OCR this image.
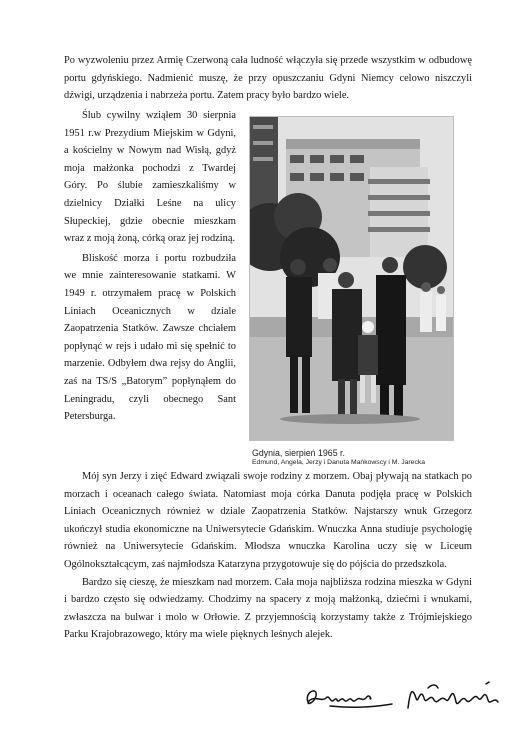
Po wyzwoleniu przez Armię Czerwoną cała ludność włączyła się przede wszystkim w odbudowę portu gdyńskiego. Nadmienić muszę, że przy opuszczaniu Gdyni Niemcy celowo niszczyli dźwigi, urządzenia i nabrzeża portu. Zatem pracy było bardzo wiele.

Ślub cywilny wziąłem 30 sierpnia 1951 r.w Prezydium Miejskim w Gdyni, a kościelny w Nowym nad Wisłą, gdyż moja małżonka pochodzi z Twardej Góry. Po ślubie zamieszkaliśmy w dzielnicy Działki Leśne na ulicy Słupeckiej, gdzie obecnie mieszkam wraz z moją żoną, córką oraz jej rodziną.

Bliskość morza i portu rozbudziła we mnie zainteresowanie statkami. W 1949 r. otrzymałem pracę w Polskich Liniach Oceanicznych w dziale Zaopatrzenia Statków. Zawsze chciałem popłynąć w rejs i udało mi się spełnić to marzenie. Odbyłem dwa rejsy do Anglii, zaś na TS/S „Batorym” popłynąłem do Leningradu, czyli obecnego Sant Petersburga.

Gdynia, sierpień 1965 r.
Edmund, Angela, Jerzy i Danuta Mańkowscy i M. Jarecka

Mój syn Jerzy i zięć Edward związali swoje rodziny z morzem. Obaj pływają na statkach po morzach i oceanach całego świata. Natomiast moja córka Danuta podjęła pracę w Polskich Liniach Oceanicznych również w dziale Zaopatrzenia Statków. Najstarszy wnuk Grzegorz ukończył studia ekonomiczne na Uniwersytecie Gdańskim. Wnuczka Anna studiuje psychologię również na Uniwersytecie Gdańskim. Młodsza wnuczka Karolina uczy się w Liceum Ogólnokształcącym, zaś najmłodsza Katarzyna przygotowuje się do pójścia do przedszkola.

Bardzo się cieszę, że mieszkam nad morzem. Cała moja najbliższa rodzina mieszka w Gdyni i bardzo często się odwiedzamy. Chodzimy na spacery z moją małżonką, dziećmi i wnukami, zwłaszcza na bulwar i molo w Orłowie. Z przyjemnością korzystamy także z Trójmiejskiego Parku Krajobrazowego, który ma wiele pięknych leśnych alejek.
